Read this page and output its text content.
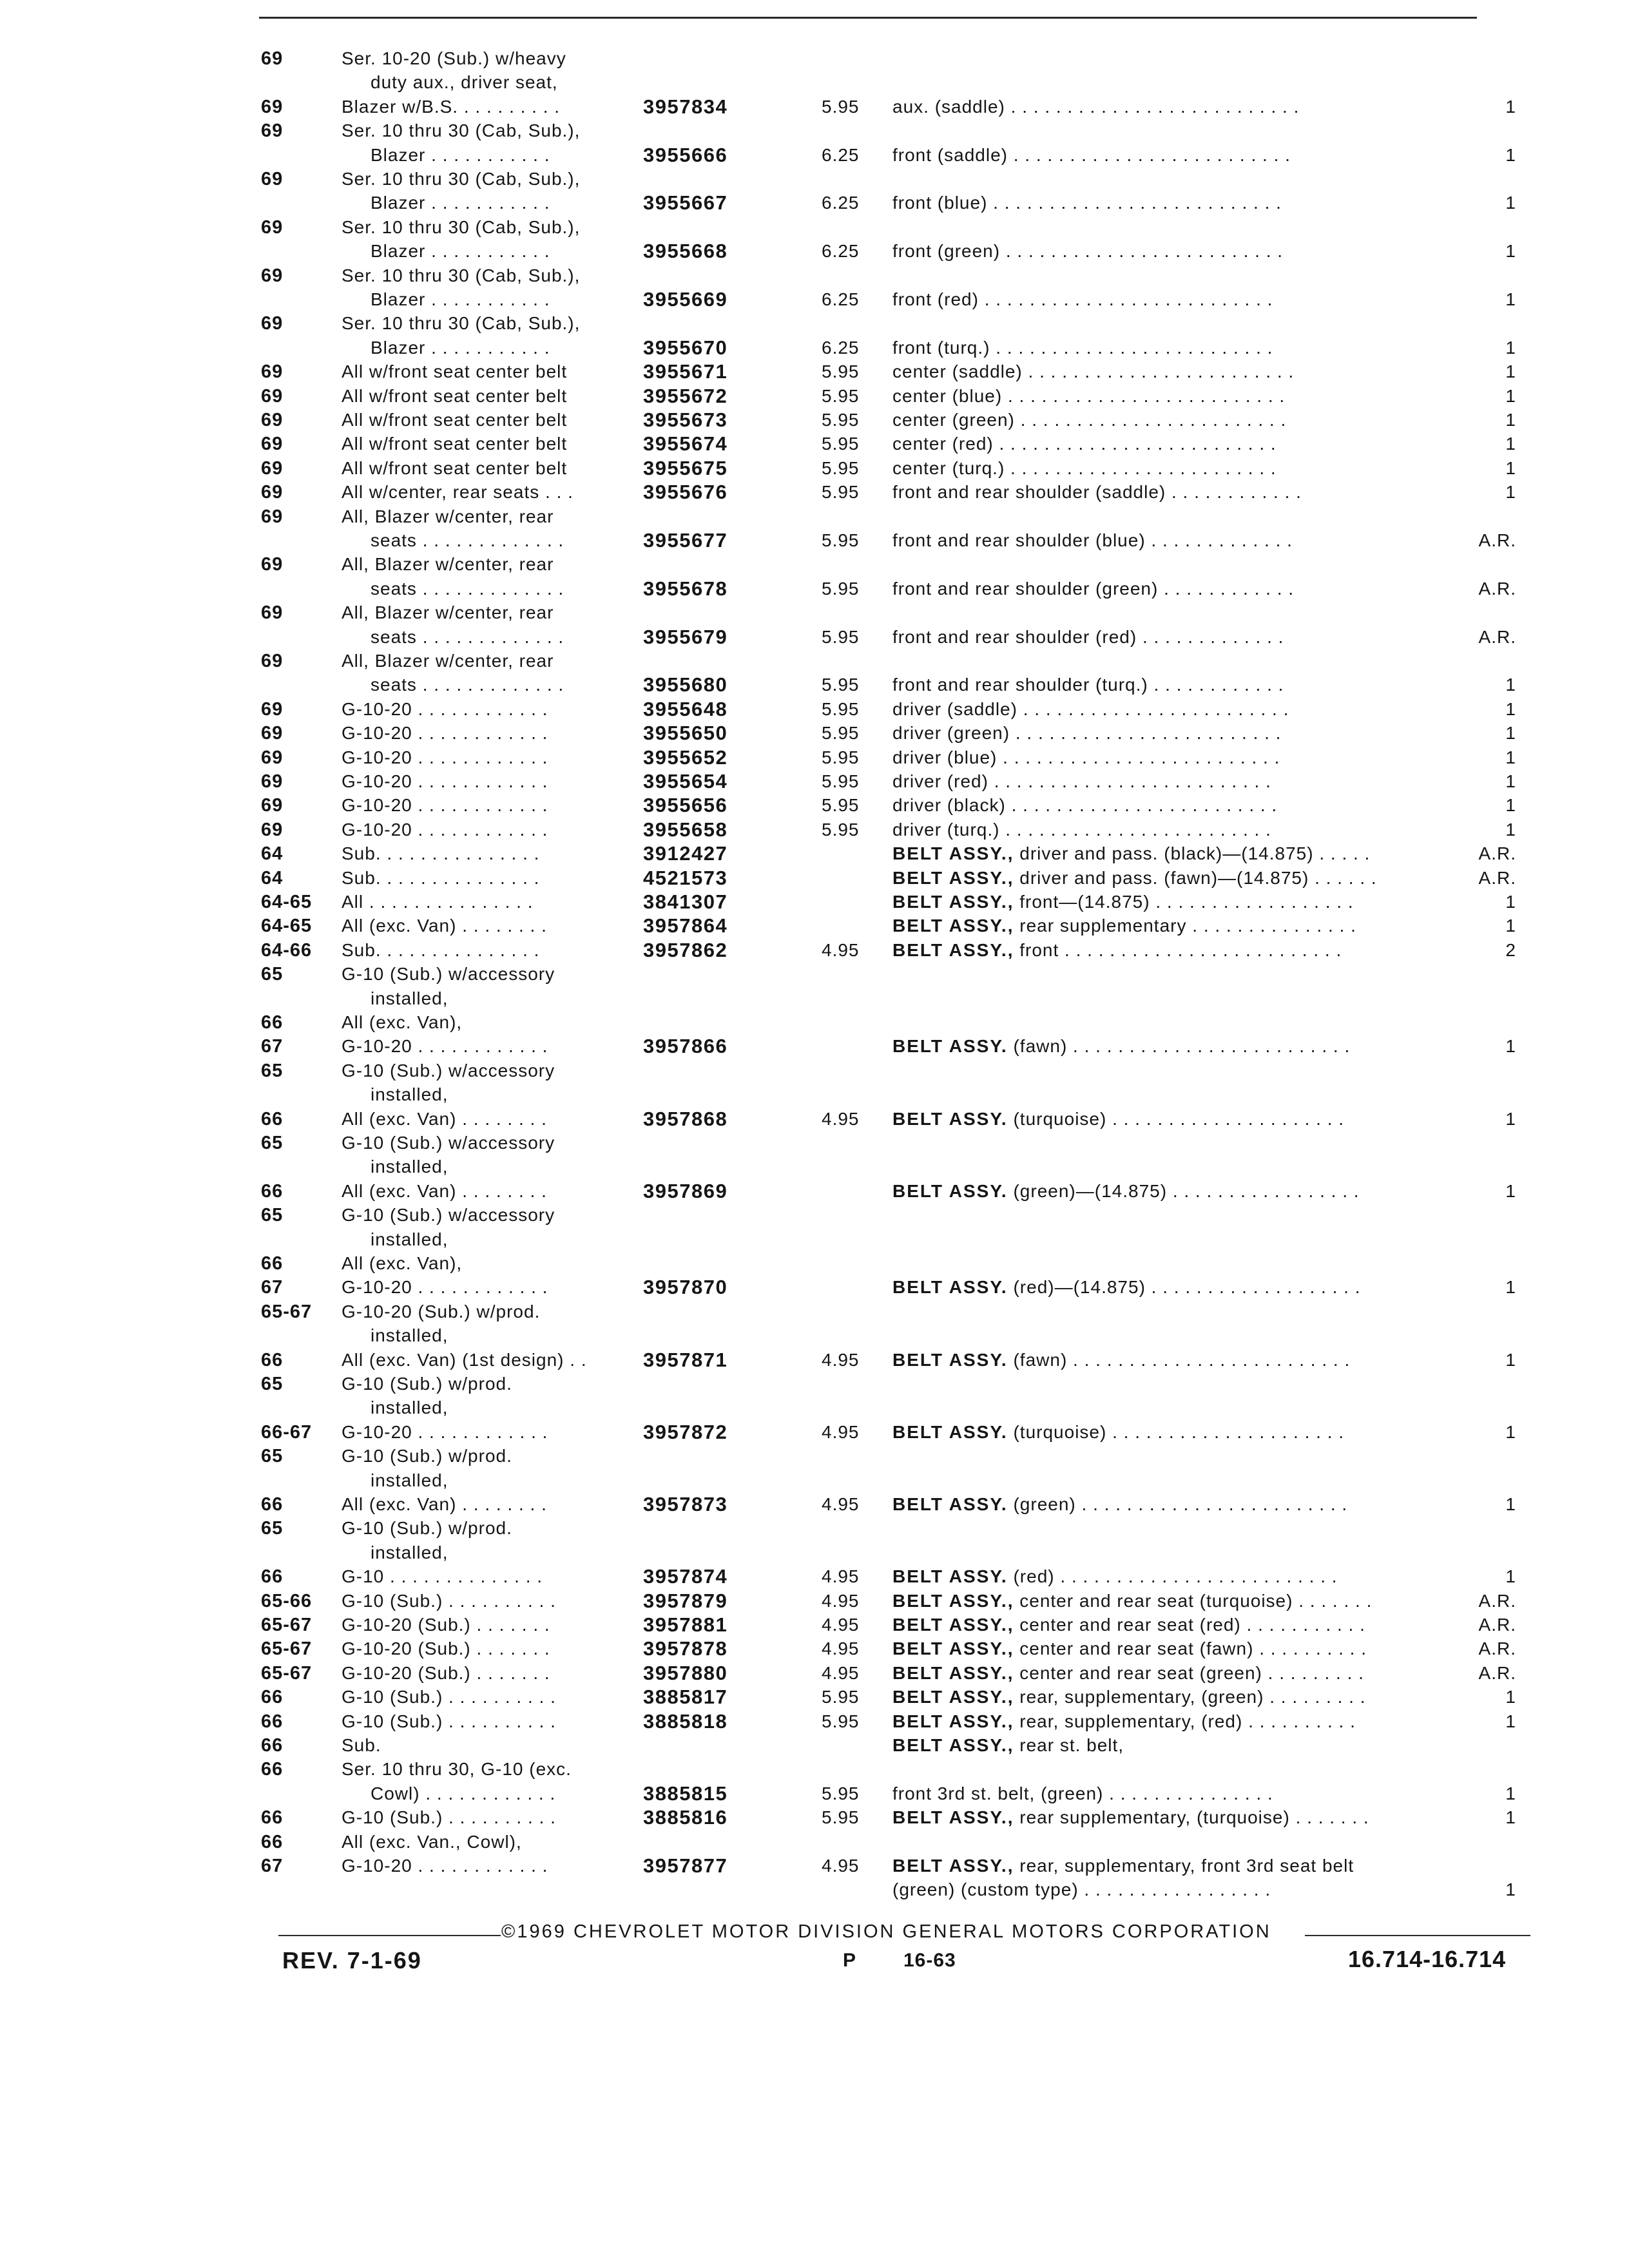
69	Ser. 10-20 (Sub.) w/heavy
duty aux., driver seat,
69	Blazer w/B.S. . . . . . . . . .	3957834	5.95 aux. (saddle) . . . . . . . . . . . . . . . . . . . . . . . . . .	1
69	Ser. 10 thru 30 (Cab, Sub.),
Blazer . . . . . . . . . . .	3955666	6.25 front (saddle) . . . . . . . . . . . . . . . . . . . . . . . . .	1
69	Ser. 10 thru 30 (Cab, Sub.),
Blazer . . . . . . . . . . .	3955667	6.25 front (blue) . . . . . . . . . . . . . . . . . . . . . . . . . .	1
69	Ser. 10 thru 30 (Cab, Sub.),
Blazer . . . . . . . . . . .	3955668	6.25 front (green) . . . . . . . . . . . . . . . . . . . . . . . . .	1
69	Ser. 10 thru 30 (Cab, Sub.),
Blazer . . . . . . . . . . .	3955669	6.25 front (red) . . . . . . . . . . . . . . . . . . . . . . . . . .	1
69	Ser. 10 thru 30 (Cab, Sub.),
Blazer . . . . . . . . . . .	3955670	6.25 front (turq.) . . . . . . . . . . . . . . . . . . . . . . . . .	1
69	All w/front seat center belt	3955671	5.95 center (saddle) . . . . . . . . . . . . . . . . . . . . . . . .	1
69	All w/front seat center belt	3955672	5.95 center (blue) . . . . . . . . . . . . . . . . . . . . . . . . .	1
69	All w/front seat center belt	3955673	5.95 center (green) . . . . . . . . . . . . . . . . . . . . . . . .	1
69	All w/front seat center belt	3955674	5.95 center (red) . . . . . . . . . . . . . . . . . . . . . . . . .	1
69	All w/front seat center belt	3955675	5.95 center (turq.) . . . . . . . . . . . . . . . . . . . . . . . .	1
69	All w/center, rear seats . . .	3955676	5.95 front and rear shoulder (saddle) . . . . . . . . . . . .	1
69	All, Blazer w/center, rear
seats . . . . . . . . . . . . .	3955677	5.95 front and rear shoulder (blue) . . . . . . . . . . . . .	A.R.
69	All, Blazer w/center, rear
seats . . . . . . . . . . . . .	3955678	5.95 front and rear shoulder (green) . . . . . . . . . . . .	A.R.
69	All, Blazer w/center, rear
seats . . . . . . . . . . . . .	3955679	5.95 front and rear shoulder (red) . . . . . . . . . . . . .	A.R.
69	All, Blazer w/center, rear
seats . . . . . . . . . . . . .	3955680	5.95 front and rear shoulder (turq.) . . . . . . . . . . . .	1
69	G-10-20 . . . . . . . . . . . .	3955648	5.95 driver (saddle) . . . . . . . . . . . . . . . . . . . . . . . .	1
69	G-10-20 . . . . . . . . . . . .	3955650	5.95 driver (green) . . . . . . . . . . . . . . . . . . . . . . . .	1
69	G-10-20 . . . . . . . . . . . .	3955652	5.95 driver (blue) . . . . . . . . . . . . . . . . . . . . . . . . .	1
69	G-10-20 . . . . . . . . . . . .	3955654	5.95 driver (red) . . . . . . . . . . . . . . . . . . . . . . . . .	1
69	G-10-20 . . . . . . . . . . . .	3955656	5.95 driver (black) . . . . . . . . . . . . . . . . . . . . . . . .	1
69	G-10-20 . . . . . . . . . . . .	3955658	5.95 driver (turq.) . . . . . . . . . . . . . . . . . . . . . . . .	1
64	Sub. . . . . . . . . . . . . . .	3912427	BELT ASSY., driver and pass. (black)—(14.875) . . . . .	A.R.
64	Sub. . . . . . . . . . . . . . .	4521573	BELT ASSY., driver and pass. (fawn)—(14.875) . . . . . .	A.R.
64-65 All . . . . . . . . . . . . . . .	3841307	BELT ASSY., front—(14.875) . . . . . . . . . . . . . . . . . .	1
64-65 All (exc. Van) . . . . . . . .	3957864	BELT ASSY., rear supplementary . . . . . . . . . . . . . . .	1
64-66 Sub. . . . . . . . . . . . . . .	3957862	4.95 BELT ASSY., front . . . . . . . . . . . . . . . . . . . . . . . . .	2
65	G-10 (Sub.) w/accessory
installed,
66	All (exc. Van),
67	G-10-20 . . . . . . . . . . . .	3957866	BELT ASSY. (fawn) . . . . . . . . . . . . . . . . . . . . . . . . .	1
65	G-10 (Sub.) w/accessory
installed,
66	All (exc. Van) . . . . . . . .	3957868	4.95 BELT ASSY. (turquoise) . . . . . . . . . . . . . . . . . . . . .	1
65	G-10 (Sub.) w/accessory
installed,
66	All (exc. Van) . . . . . . . .	3957869	BELT ASSY. (green)—(14.875) . . . . . . . . . . . . . . . . .	1
65	G-10 (Sub.) w/accessory
installed,
66	All (exc. Van),
67	G-10-20 . . . . . . . . . . . .	3957870	BELT ASSY. (red)—(14.875) . . . . . . . . . . . . . . . . . . .	1
65-67 G-10-20 (Sub.) w/prod.
installed,
66	All (exc. Van) (1st design) . .	3957871	4.95 BELT ASSY. (fawn) . . . . . . . . . . . . . . . . . . . . . . . . .	1
65	G-10 (Sub.) w/prod.
installed,
66-67 G-10-20 . . . . . . . . . . . .	3957872	4.95 BELT ASSY. (turquoise) . . . . . . . . . . . . . . . . . . . . .	1
65	G-10 (Sub.) w/prod.
installed,
66	All (exc. Van) . . . . . . . .	3957873	4.95 BELT ASSY. (green) . . . . . . . . . . . . . . . . . . . . . . . .	1
65	G-10 (Sub.) w/prod.
installed,
66	G-10 . . . . . . . . . . . . . .	3957874	4.95 BELT ASSY. (red) . . . . . . . . . . . . . . . . . . . . . . . . .	1
65-66 G-10 (Sub.) . . . . . . . . . .	3957879	4.95 BELT ASSY., center and rear seat (turquoise) . . . . . . .	A.R.
65-67 G-10-20 (Sub.) . . . . . . .	3957881	4.95 BELT ASSY., center and rear seat (red) . . . . . . . . . . .	A.R.
65-67 G-10-20 (Sub.) . . . . . . .	3957878	4.95 BELT ASSY., center and rear seat (fawn) . . . . . . . . . .	A.R.
65-67 G-10-20 (Sub.) . . . . . . .	3957880	4.95 BELT ASSY., center and rear seat (green) . . . . . . . . .	A.R.
66	G-10 (Sub.) . . . . . . . . . .	3885817	5.95 BELT ASSY., rear, supplementary, (green) . . . . . . . . .	1
66	G-10 (Sub.) . . . . . . . . . .	3885818	5.95 BELT ASSY., rear, supplementary, (red) . . . . . . . . . .	1
66	Sub.	BELT ASSY., rear st. belt,
66	Ser. 10 thru 30, G-10 (exc.
Cowl) . . . . . . . . . . . .	3885815	5.95 front 3rd st. belt, (green) . . . . . . . . . . . . . . .	1
66	G-10 (Sub.) . . . . . . . . . .	3885816	5.95 BELT ASSY., rear supplementary, (turquoise) . . . . . . .	1
66	All (exc. Van., Cowl),
67	G-10-20 . . . . . . . . . . . .	3957877	4.95 BELT ASSY., rear, supplementary, front 3rd seat belt
(green) (custom type) . . . . . . . . . . . . . . . . .	1
©1969 CHEVROLET MOTOR DIVISION GENERAL MOTORS CORPORATION
REV. 7-1-69	P 16-63	16.714-16.714
